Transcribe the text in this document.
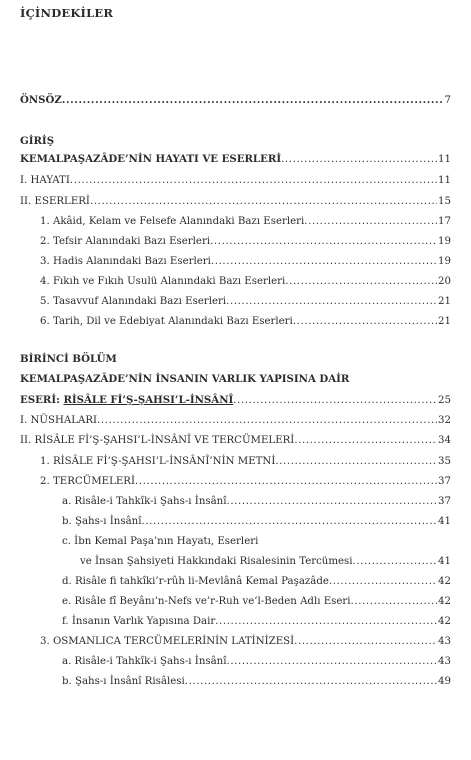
İÇİNDEKİLER
ÖNSÖZ .....	7
GİRİŞ
KEMALPAŞAZÂDE’NİN HAYATI VE ESERLERİ .....	11
I. HAYATI .....	11
II. ESERLERİ .....	15
1. Akâid, Kelam ve Felsefe Alanındaki Bazı Eserleri .....	17
2. Tefsir Alanındaki Bazı Eserleri .....	19
3. Hadis Alanındaki Bazı Eserleri .....	19
4. Fıkıh ve Fıkıh Usulü Alanındaki Bazı Eserleri .....	20
5. Tasavvuf Alanındaki Bazı Eserleri .....	21
6. Tarih, Dil ve Edebiyat Alanındaki Bazı Eserleri .....	21
BİRİNCİ BÖLÜM
KEMALPAŞAZÂDE’NİN İNSANIN VARLIK YAPISINA DAİR
ESERİ: RİSÂLE Fİ’Ş-ŞAHSI’L-İNSÂNÎ .....	25
I. NÜSHALARI .....	32
II. RİSÂLE Fİ’Ş-ŞAHSI’L-İNSÂNÎ VE TERCÜMELERİ .....	34
1. RİSÂLE Fİ’Ş-ŞAHSI’L-İNSÂNÎ’NİN METNİ .....	35
2. TERCÜMELERİ .....	37
a. Risâle-i Tahkîk-i Şahs-ı İnsânî .....	37
b. Şahs-ı İnsânî .....	41
c. İbn Kemal Paşa’nın Hayatı, Eserleri
ve İnsan Şahsiyeti Hakkındaki Risalesinin Tercümesi .....	41
d. Risâle fi tahkîki’r-rûh li-Mevlânâ Kemal Paşazâde .....	42
e. Risâle fî Beyânı’n-Nefs ve’r-Ruh ve’l-Beden Adlı Eseri .....	42
f. İnsanın Varlık Yapısına Dair .....	42
3. OSMANLICA TERCÜMELERİNİN LATİNİZESİ .....	43
a. Risâle-i Tahkîk-i Şahs-ı İnsânî .....	43
b. Şahs-ı İnsânî Risâlesi .....	49
